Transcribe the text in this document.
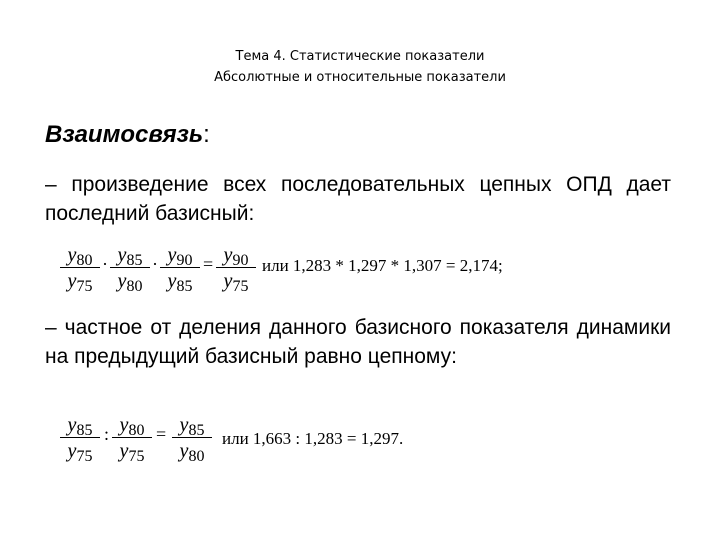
Тема 4. Статистические показатели
Абсолютные и относительные показатели
Взаимосвязь:
– произведение всех последовательных цепных ОПД дает последний базисный:
$\frac{y_{80}}{y_{75}} \cdot \frac{y_{85}}{y_{80}} \cdot \frac{y_{90}}{y_{85}} = \frac{y_{90}}{y_{75}}$ или 1,283 * 1,297 * 1,307 = 2,174;
– частное от деления данного базисного показателя динамики на предыдущий базисный равно цепному:
$\frac{y_{85}}{y_{75}}$ : $\frac{y_{80}}{y_{75}} = \frac{y_{85}}{y_{80}}$ или 1,663 : 1,283 = 1,297.
